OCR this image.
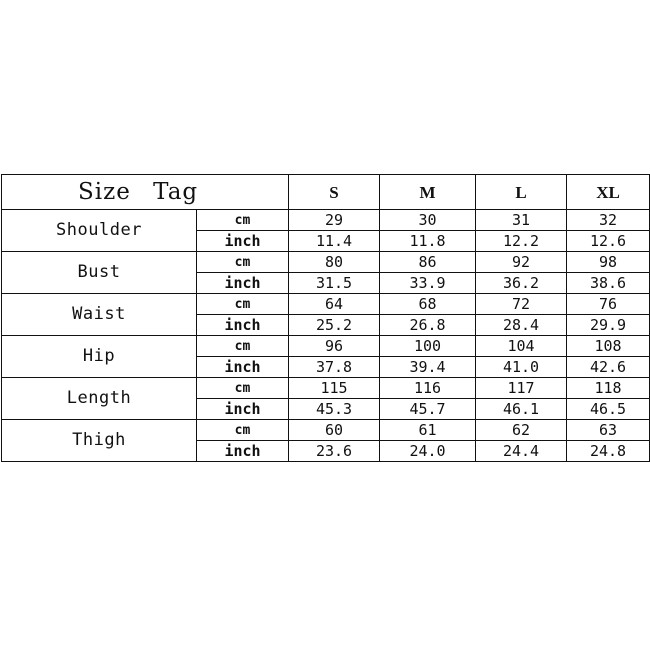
Size Tag		S	M	L	XL
Shoulder	cm	29	30	31	32
	inch	11.4	11.8	12.2	12.6
Bust	cm	80	86	92	98
	inch	31.5	33.9	36.2	38.6
Waist	cm	64	68	72	76
	inch	25.2	26.8	28.4	29.9
Hip	cm	96	100	104	108
	inch	37.8	39.4	41.0	42.6
Length	cm	115	116	117	118
	inch	45.3	45.7	46.1	46.5
Thigh	cm	60	61	62	63
	inch	23.6	24.0	24.4	24.8
